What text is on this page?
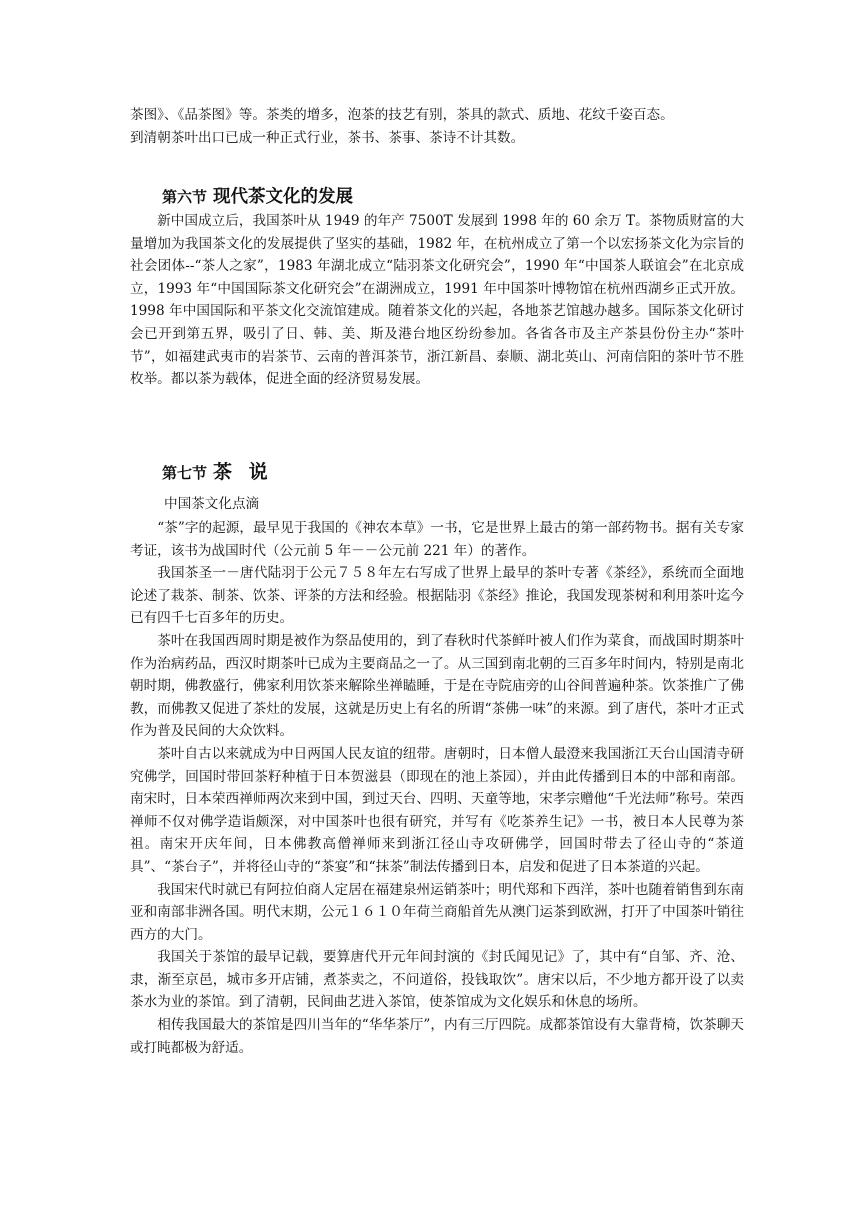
茶图》、《品茶图》等。茶类的增多，泡茶的技艺有别，茶具的款式、质地、花纹千姿百态。

到清朝茶叶出口已成一种正式行业，茶书、茶事、茶诗不计其数。

第六节 现代茶文化的发展

新中国成立后，我国茶叶从 1949 的年产 7500T 发展到 1998 年的 60 余万 T。茶物质财富的大量增加为我国茶文化的发展提供了坚实的基础，1982 年，在杭州成立了第一个以宏扬茶文化为宗旨的社会团体--“茶人之家”，1983 年湖北成立“陆羽茶文化研究会”，1990 年“中国茶人联谊会”在北京成立，1993 年“中国国际茶文化研究会”在湖洲成立，1991 年中国茶叶博物馆在杭州西湖乡正式开放。1998 年中国国际和平茶文化交流馆建成。随着茶文化的兴起，各地茶艺馆越办越多。国际茶文化研讨会已开到第五界，吸引了日、韩、美、斯及港台地区纷纷参加。各省各市及主产茶县份份主办“茶叶节”，如福建武夷市的岩茶节、云南的普洱茶节，浙江新昌、泰顺、湖北英山、河南信阳的茶叶节不胜枚举。都以茶为载体，促进全面的经济贸易发展。

第七节 茶 说

中国茶文化点滴

“茶”字的起源，最早见于我国的《神农本草》一书，它是世界上最古的第一部药物书。据有关专家考证，该书为战国时代（公元前 5 年－－公元前 221 年）的著作。

我国茶圣一－唐代陆羽于公元７５８年左右写成了世界上最早的茶叶专著《茶经》，系统而全面地论述了栽茶、制茶、饮茶、评茶的方法和经验。根据陆羽《茶经》推论，我国发现茶树和利用茶叶迄今已有四千七百多年的历史。

茶叶在我国西周时期是被作为祭品使用的，到了春秋时代茶鲜叶被人们作为菜食，而战国时期茶叶作为治病药品，西汉时期茶叶已成为主要商品之一了。从三国到南北朝的三百多年时间内，特别是南北朝时期，佛教盛行，佛家利用饮茶来解除坐禅瞌睡，于是在寺院庙旁的山谷间普遍种茶。饮茶推广了佛教，而佛教又促进了茶灶的发展，这就是历史上有名的所谓“茶佛一味”的来源。到了唐代，茶叶才正式作为普及民间的大众饮料。

茶叶自古以来就成为中日两国人民友谊的纽带。唐朝时，日本僧人最澄来我国浙江天台山国清寺研究佛学，回国时带回茶籽种植于日本贺滋县（即现在的池上茶园），并由此传播到日本的中部和南部。南宋时，日本荣西禅师两次来到中国，到过天台、四明、天童等地，宋孝宗赠他“千光法师”称号。荣西禅师不仅对佛学造诣颇深，对中国茶叶也很有研究，并写有《吃茶养生记》一书，被日本人民尊为茶祖。南宋开庆年间，日本佛教高僧禅师来到浙江径山寺攻研佛学，回国时带去了径山寺的“茶道具”、“茶台子”，并将径山寺的“茶宴”和“抹茶”制法传播到日本，启发和促进了日本茶道的兴起。

我国宋代时就已有阿拉伯商人定居在福建泉州运销茶叶；明代郑和下西洋，茶叶也随着销售到东南亚和南部非洲各国。明代末期，公元１６１０年荷兰商船首先从澳门运茶到欧洲，打开了中国茶叶销往西方的大门。

我国关于茶馆的最早记载，要算唐代开元年间封演的《封氏闻见记》了，其中有“自邹、齐、沧、隶，渐至京邑，城市多开店铺，煮茶卖之，不问道俗，投钱取饮”。唐宋以后，不少地方都开设了以卖茶水为业的茶馆。到了清朝，民间曲艺进入茶馆，使茶馆成为文化娱乐和休息的场所。

相传我国最大的茶馆是四川当年的“华华茶厅”，内有三厅四院。成都茶馆设有大靠背椅，饮茶聊天或打盹都极为舒适。
